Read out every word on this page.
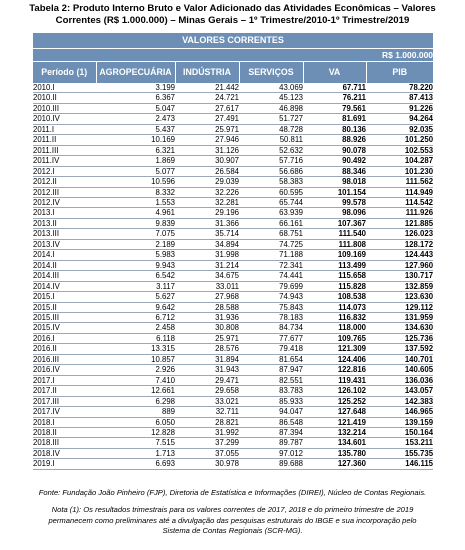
Tabela 2: Produto Interno Bruto e Valor Adicionado das Atividades Econômicas – Valores
Correntes (R$ 1.000.000) – Minas Gerais – 1º Trimestre/2010-1º Trimestre/2019
VALORES CORRENTES					
R$ 1.000.000					
Período (1)	AGROPECUÁRIA	INDÚSTRIA	SERVIÇOS	VA	PIB
2010.I	3.199	21.442	43.069	67.711	78.220
2010.II	6.367	24.721	45.123	76.211	87.413
2010.III	5.047	27.617	46.898	79.561	91.226
2010.IV	2.473	27.491	51.727	81.691	94.264
2011.I	5.437	25.971	48.728	80.136	92.035
2011.II	10.169	27.946	50.811	88.926	101.250
2011.III	6.321	31.126	52.632	90.078	102.553
2011.IV	1.869	30.907	57.716	90.492	104.287
2012.I	5.077	26.584	56.686	88.346	101.230
2012.II	10.596	29.039	58.383	98.018	111.562
2012.III	8.332	32.226	60.595	101.154	114.949
2012.IV	1.553	32.281	65.744	99.578	114.542
2013.I	4.961	29.196	63.939	98.096	111.926
2013.II	9.839	31.366	66.161	107.367	121.885
2013.III	7.075	35.714	68.751	111.540	126.023
2013.IV	2.189	34.894	74.725	111.808	128.172
2014.I	5.983	31.998	71.188	109.169	124.443
2014.II	9.943	31.214	72.341	113.499	127.960
2014.III	6.542	34.675	74.441	115.658	130.717
2014.IV	3.117	33.011	79.699	115.828	132.859
2015.I	5.627	27.968	74.943	108.538	123.630
2015.II	9.642	28.588	75.843	114.073	129.112
2015.III	6.712	31.936	78.183	116.832	131.959
2015.IV	2.458	30.808	84.734	118.000	134.630
2016.I	6.118	25.971	77.677	109.765	125.736
2016.II	13.315	28.576	79.418	121.309	137.592
2016.III	10.857	31.894	81.654	124.406	140.701
2016.IV	2.926	31.943	87.947	122.816	140.605
2017.I	7.410	29.471	82.551	119.431	136.036
2017.II	12.661	29.658	83.783	126.102	143.057
2017.III	6.298	33.021	85.933	125.252	142.383
2017.IV	889	32.711	94.047	127.648	146.965
2018.I	6.050	28.821	86.548	121.419	139.159
2018.II	12.828	31.992	87.394	132.214	150.164
2018.III	7.515	37.299	89.787	134.601	153.211
2018.IV	1.713	37.055	97.012	135.780	155.735
2019.I	6.693	30.978	89.688	127.360	146.115
Fonte: Fundação João Pinheiro (FJP), Diretoria de Estatística e Informações (DIREI), Núcleo de Contas Regionais.
Nota (1): Os resultados trimestrais para os valores correntes de 2017, 2018 e do primeiro trimestre de 2019
permanecem como preliminares até a divulgação das pesquisas estruturais do IBGE e sua incorporação pelo
Sistema de Contas Regionais (SCR-MG).
